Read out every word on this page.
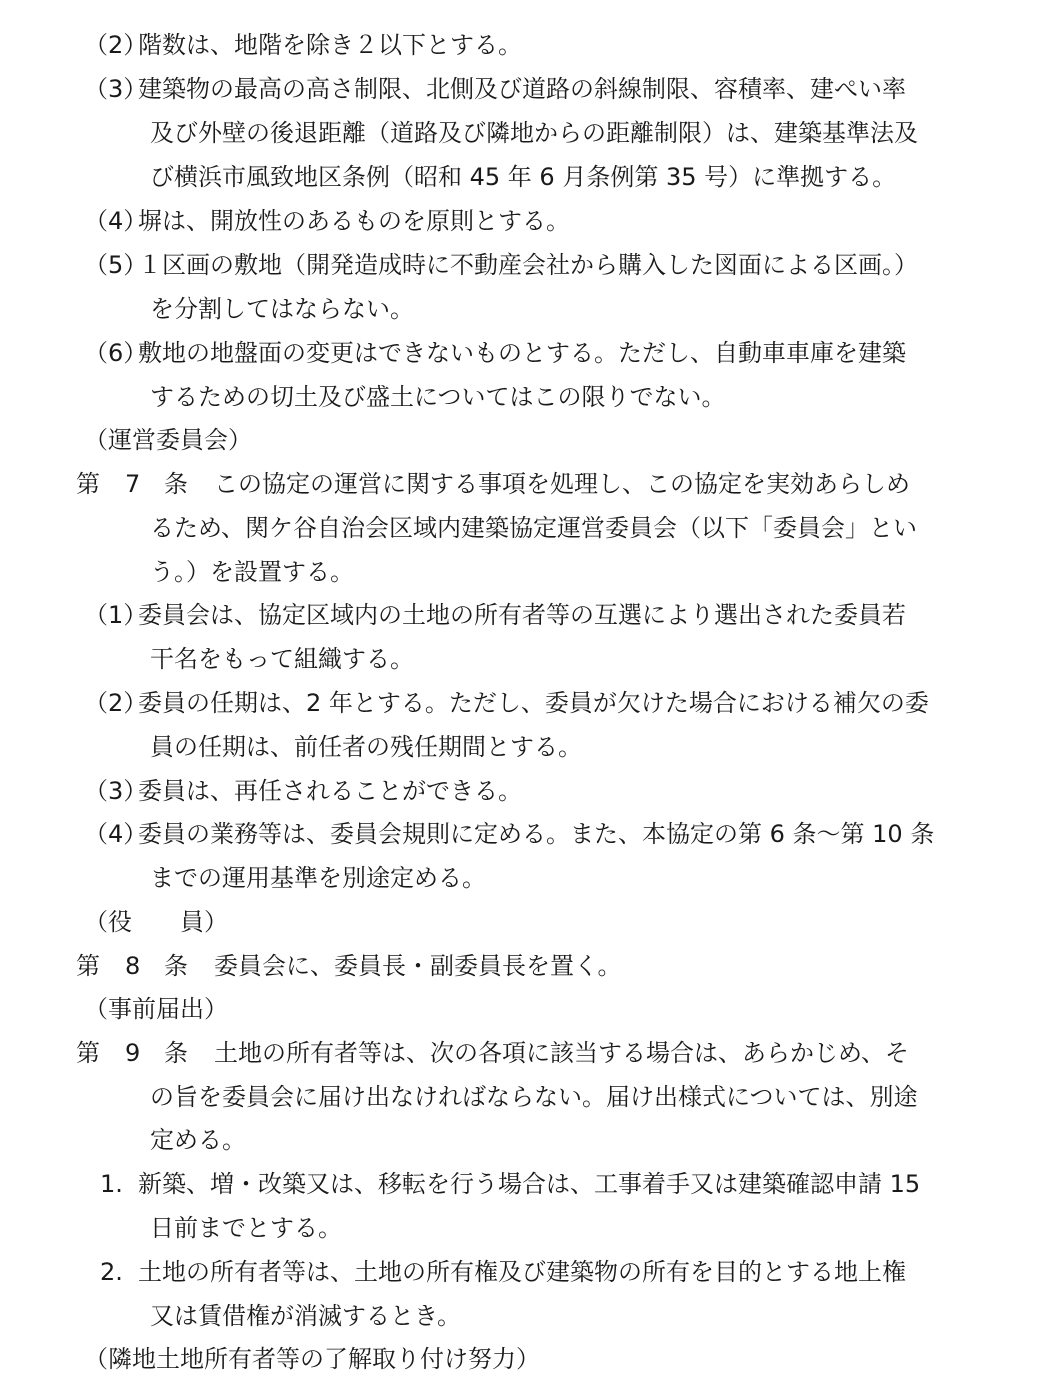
（2）
階数は、地階を除き２以下とする。
（3）
建築物の最高の高さ制限、北側及び道路の斜線制限、容積率、建ぺい率
及び外壁の後退距離（道路及び隣地からの距離制限）は、建築基準法及
び横浜市風致地区条例（昭和 45 年 6 月条例第 35 号）に準拠する。
（4）
塀は、開放性のあるものを原則とする。
（5）
１区画の敷地（開発造成時に不動産会社から購入した図面による区画。）
を分割してはならない。
（6）
敷地の地盤面の変更はできないものとする。ただし、自動車車庫を建築
するための切土及び盛土についてはこの限りでない。
（運営委員会）
第 7 条 この協定の運営に関する事項を処理し、この協定を実効あらしめ
るため、関ケ谷自治会区域内建築協定運営委員会（以下「委員会」とい
う。）を設置する。
（1）
委員会は、協定区域内の土地の所有者等の互選により選出された委員若
干名をもって組織する。
（2）
委員の任期は、2 年とする。ただし、委員が欠けた場合における補欠の委
員の任期は、前任者の残任期間とする。
（3）
委員は、再任されることができる。
（4）
委員の業務等は、委員会規則に定める。また、本協定の第 6 条～第 10 条
までの運用基準を別途定める。
（役　　員）
第 8 条 委員会に、委員長・副委員長を置く。
（事前届出）
第 9 条 土地の所有者等は、次の各項に該当する場合は、あらかじめ、そ
の旨を委員会に届け出なければならない。届け出様式については、別途
定める。
1. 新築、増・改築又は、移転を行う場合は、工事着手又は建築確認申請 15
日前までとする。
2. 土地の所有者等は、土地の所有権及び建築物の所有を目的とする地上権
又は賃借権が消滅するとき。
（隣地土地所有者等の了解取り付け努力）
